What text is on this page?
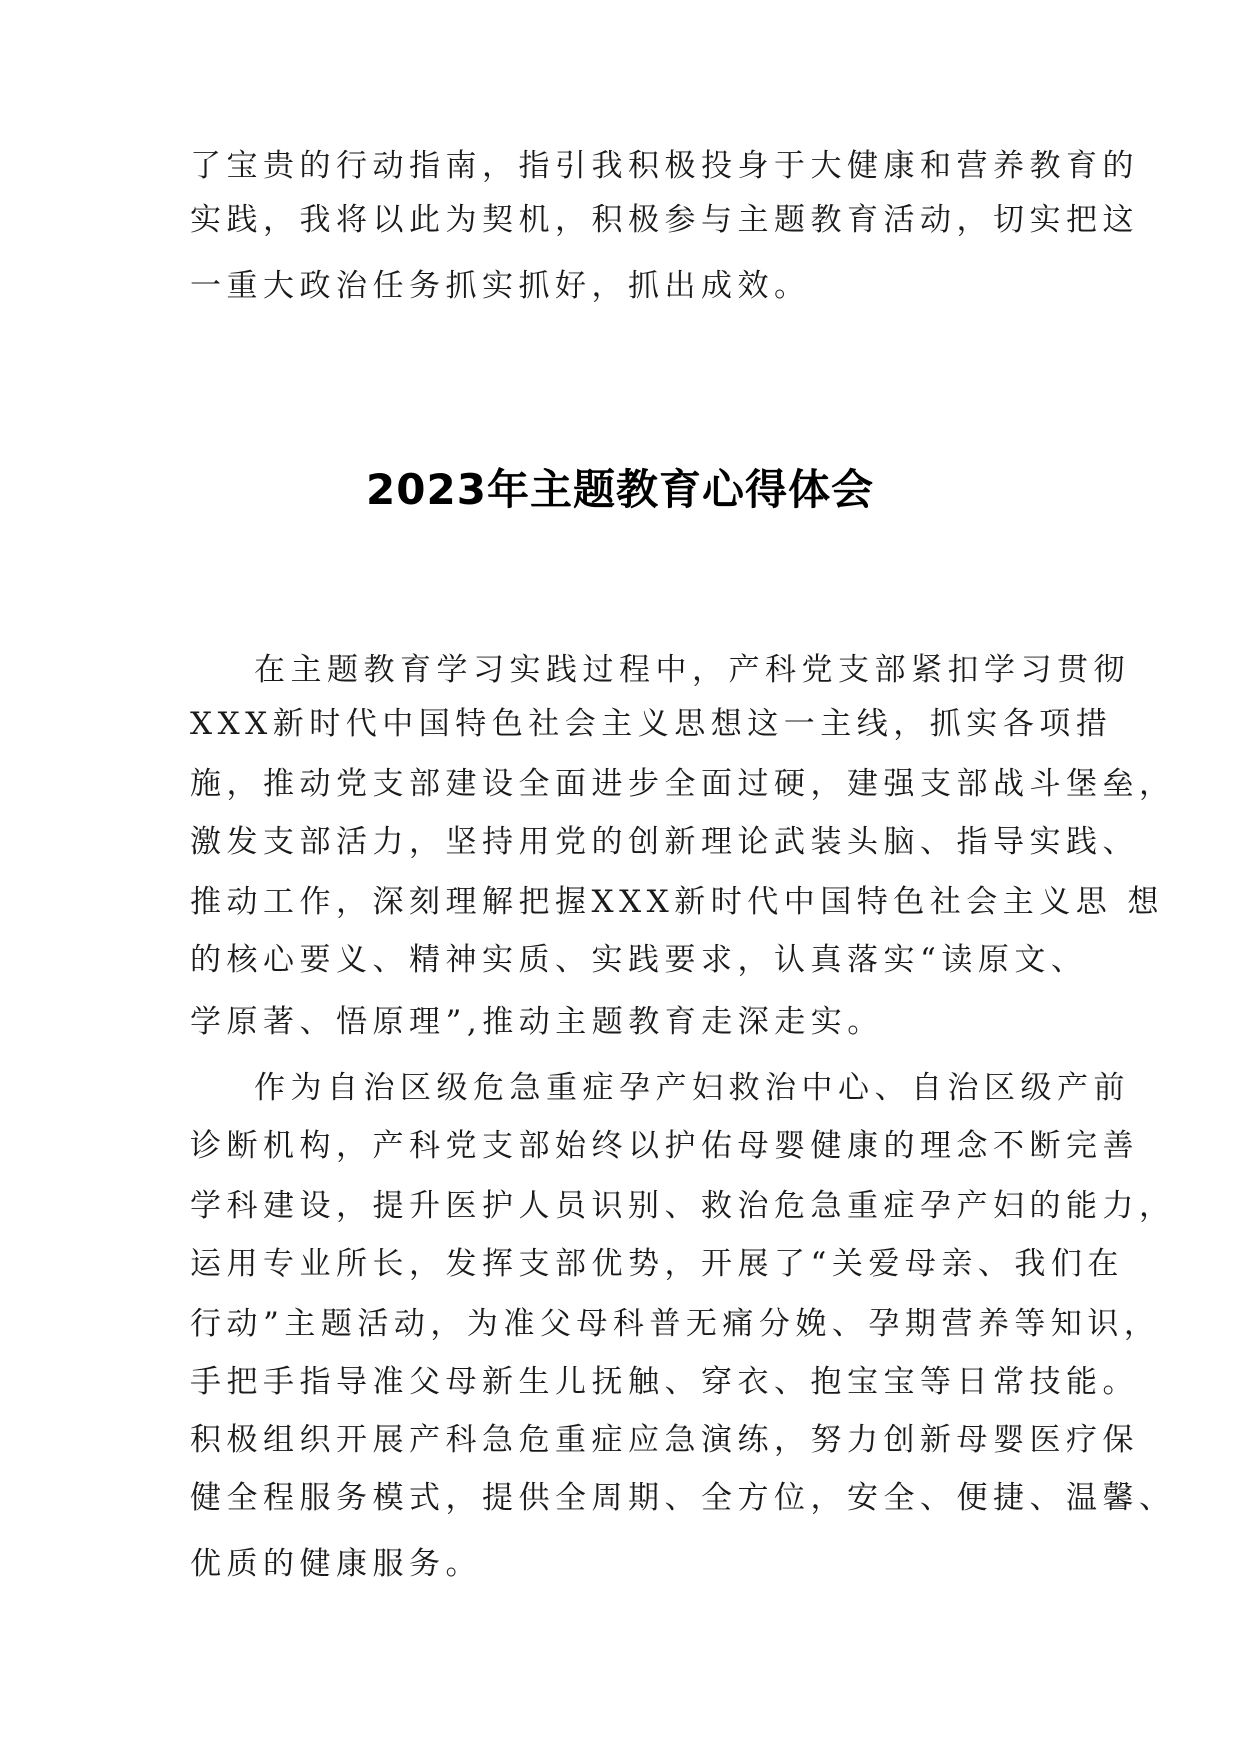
了宝贵的行动指南，指引我积极投身于大健康和营养教育的

实践，我将以此为契机，积极参与主题教育活动，切实把这

一重大政治任务抓实抓好，抓出成效。

2023年主题教育心得体会

在主题教育学习实践过程中，产科党支部紧扣学习贯彻

XXX新时代中国特色社会主义思想这一主线，抓实各项措

施，推动党支部建设全面进步全面过硬，建强支部战斗堡垒，

激发支部活力，坚持用党的创新理论武装头脑、指导实践、

推动工作，深刻理解把握XXX新时代中国特色社会主义思 想

的核心要义、精神实质、实践要求，认真落实“读原文、

学原著、悟原理”,推动主题教育走深走实。

作为自治区级危急重症孕产妇救治中心、自治区级产前

诊断机构，产科党支部始终以护佑母婴健康的理念不断完善

学科建设，提升医护人员识别、救治危急重症孕产妇的能力，

运用专业所长，发挥支部优势，开展了“关爱母亲、我们在

行动”主题活动，为准父母科普无痛分娩、孕期营养等知识，

手把手指导准父母新生儿抚触、穿衣、抱宝宝等日常技能。

积极组织开展产科急危重症应急演练，努力创新母婴医疗保

健全程服务模式，提供全周期、全方位，安全、便捷、温馨、

优质的健康服务。
